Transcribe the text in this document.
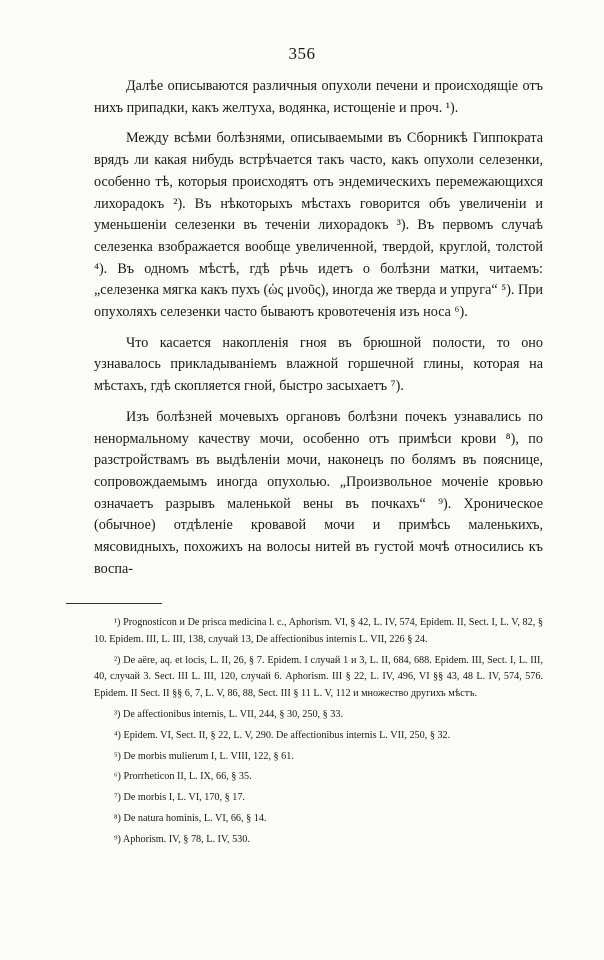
356

Далѣе описываются различныя опухоли печени и происходящіе отъ нихъ припадки, какъ желтуха, водянка, истощеніе и проч. ¹).

Между всѣми болѣзнями, описываемыми въ Сборникѣ Гиппократа врядъ ли какая нибудь встрѣчается такъ часто, какъ опухоли селезенки, особенно тѣ, которыя происходятъ отъ эндемическихъ перемежающихся лихорадокъ ²). Въ нѣкоторыхъ мѣстахъ говорится объ увеличеніи и уменьшеніи селезенки въ теченіи лихорадокъ ³). Въ первомъ случаѣ селезенка взображается вообще увеличенной, твердой, круглой, толстой ⁴). Въ одномъ мѣстѣ, гдѣ рѣчь идетъ о болѣзни матки, читаемъ: „селезенка мягка какъ пухъ (ὡς μνοῦς), иногда же тверда и упруга“ ⁵). При опухоляхъ селезенки часто бываютъ кровотеченія изъ носа ⁶).

Что касается накопленія гноя въ брюшной полости, то оно узнавалось прикладываніемъ влажной горшечной глины, которая на мѣстахъ, гдѣ скопляется гной, быстро засыхаетъ ⁷).

Изъ болѣзней мочевыхъ органовъ болѣзни почекъ узнавались по ненормальному качеству мочи, особенно отъ примѣси крови ⁸), по разстройствамъ въ выдѣленіи мочи, наконецъ по болямъ въ пояснице, сопровождаемымъ иногда опухолью. „Произвольное моченіе кровью означаетъ разрывъ маленькой вены въ почкахъ“ ⁹). Хроническое (обычное) отдѣленіе кровавой мочи и примѣсь маленькихъ, мясовидныхъ, похожихъ на волосы нитей въ густой мочѣ относились къ воспа-

¹) Prognosticon и De prisca medicina l. c., Aphorism. VI, § 42, L. IV, 574, Epidem. II, Sect. I, L. V, 82, § 10. Epidem. III, L. III, 138, случай 13, De affectionibus internis L. VII, 226 § 24.

²) De aëre, aq. et locis, L. II, 26, § 7. Epidem. I случай 1 и 3, L. II, 684, 688. Epidem. III, Sect. I, L. III, 40, случай 3. Sect. III L. III, 120, случай 6. Aphorism. III § 22, L. IV, 496, VI §§ 43, 48 L. IV, 574, 576. Epidem. II Sect. II §§ 6, 7, L. V, 86, 88, Sect. III § 11 L. V, 112 и множество другихъ мѣстъ.

³) De affectionibus internis, L. VII, 244, § 30, 250, § 33.

⁴) Epidem. VI, Sect. II, § 22, L. V, 290. De affectionibus internis L. VII, 250, § 32.

⁵) De morbis mulierum I, L. VIII, 122, § 61.

⁶) Prorrheticon II, L. IX, 66, § 35.

⁷) De morbis I, L. VI, 170, § 17.

⁸) De natura hominis, L. VI, 66, § 14.

⁹) Aphorism. IV, § 78, L. IV, 530.
